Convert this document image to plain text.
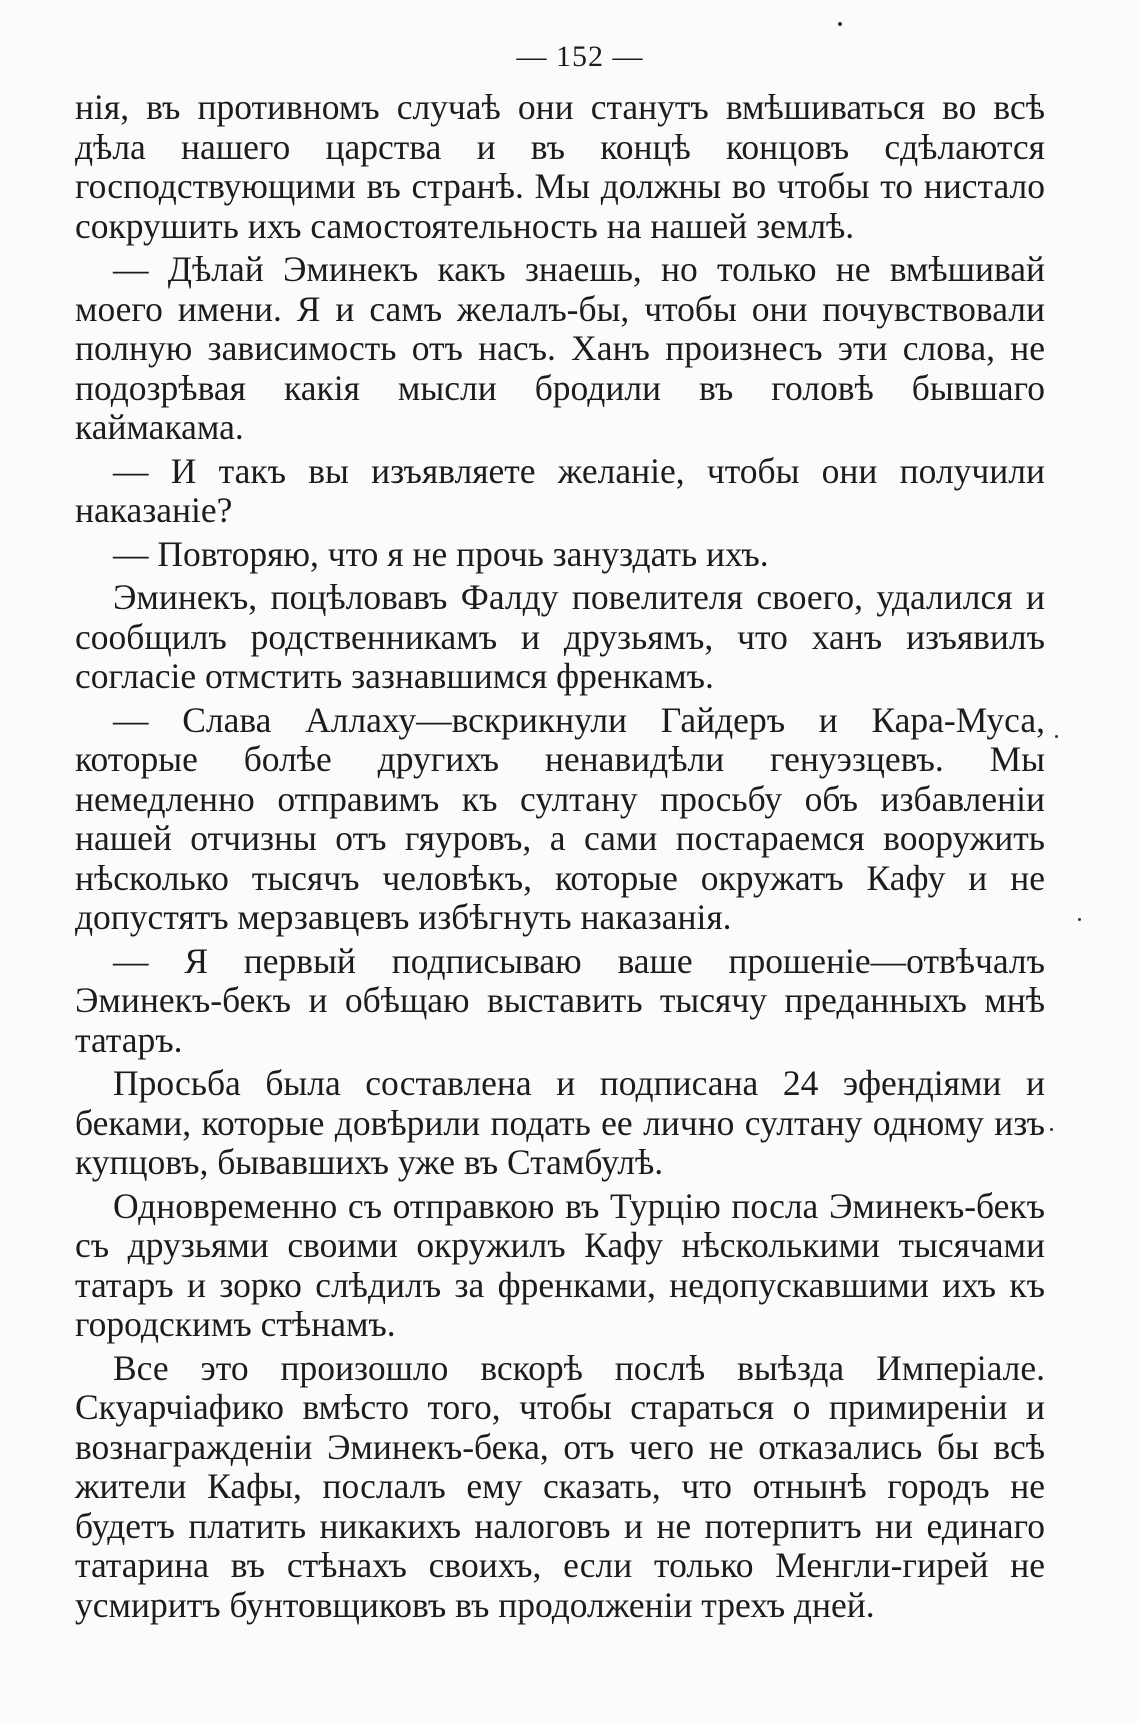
— 152 —

нія, въ противномъ случаѣ они станутъ вмѣшиваться во всѣ дѣла нашего царства и въ концѣ концовъ сдѣлаются господствующими въ странѣ. Мы должны во чтобы то нистало сокрушить ихъ самостоятельность на нашей землѣ.

— Дѣлай Эминекъ какъ знаешь, но только не вмѣшивай моего имени. Я и самъ желалъ-бы, чтобы они почувствовали полную зависимость отъ насъ. Ханъ произнесъ эти слова, не подозрѣвая какія мысли бродили въ головѣ бывшаго каймакама.

— И такъ вы изъявляете желаніе, чтобы они получили наказаніе?

— Повторяю, что я не прочь зануздать ихъ.

Эминекъ, поцѣловавъ Фалду повелителя своего, удалился и сообщилъ родственникамъ и друзьямъ, что ханъ изъявилъ согласіе отмстить зазнавшимся френкамъ.

— Слава Аллаху—вскрикнули Гайдеръ и Кара-Муса, которые болѣе другихъ ненавидѣли генуэзцевъ. Мы немедленно отправимъ къ султану просьбу объ избавленіи нашей отчизны отъ гяуровъ, а сами постараемся вооружить нѣсколько тысячъ человѣкъ, которые окружатъ Кафу и не допустятъ мерзавцевъ избѣгнуть наказанія.

— Я первый подписываю ваше прошеніе—отвѣчалъ Эминекъ-бекъ и обѣщаю выставить тысячу преданныхъ мнѣ татаръ.

Просьба была составлена и подписана 24 эфендіями и беками, которые довѣрили подать ее лично султану одному изъ купцовъ, бывавшихъ уже въ Стамбулѣ.

Одновременно съ отправкою въ Турцію посла Эминекъ-бекъ съ друзьями своими окружилъ Кафу нѣсколькими тысячами татаръ и зорко слѣдилъ за френками, недопускавшими ихъ къ городскимъ стѣнамъ.

Все это произошло вскорѣ послѣ выѣзда Имперіале. Скуарчіафико вмѣсто того, чтобы стараться о примиреніи и вознагражденіи Эминекъ-бека, отъ чего не отказались бы всѣ жители Кафы, послалъ ему сказать, что отнынѣ городъ не будетъ платить никакихъ налоговъ и не потерпитъ ни единаго татарина въ стѣнахъ своихъ, если только Менгли-гирей не усмиритъ бунтовщиковъ въ продолженіи трехъ дней.
